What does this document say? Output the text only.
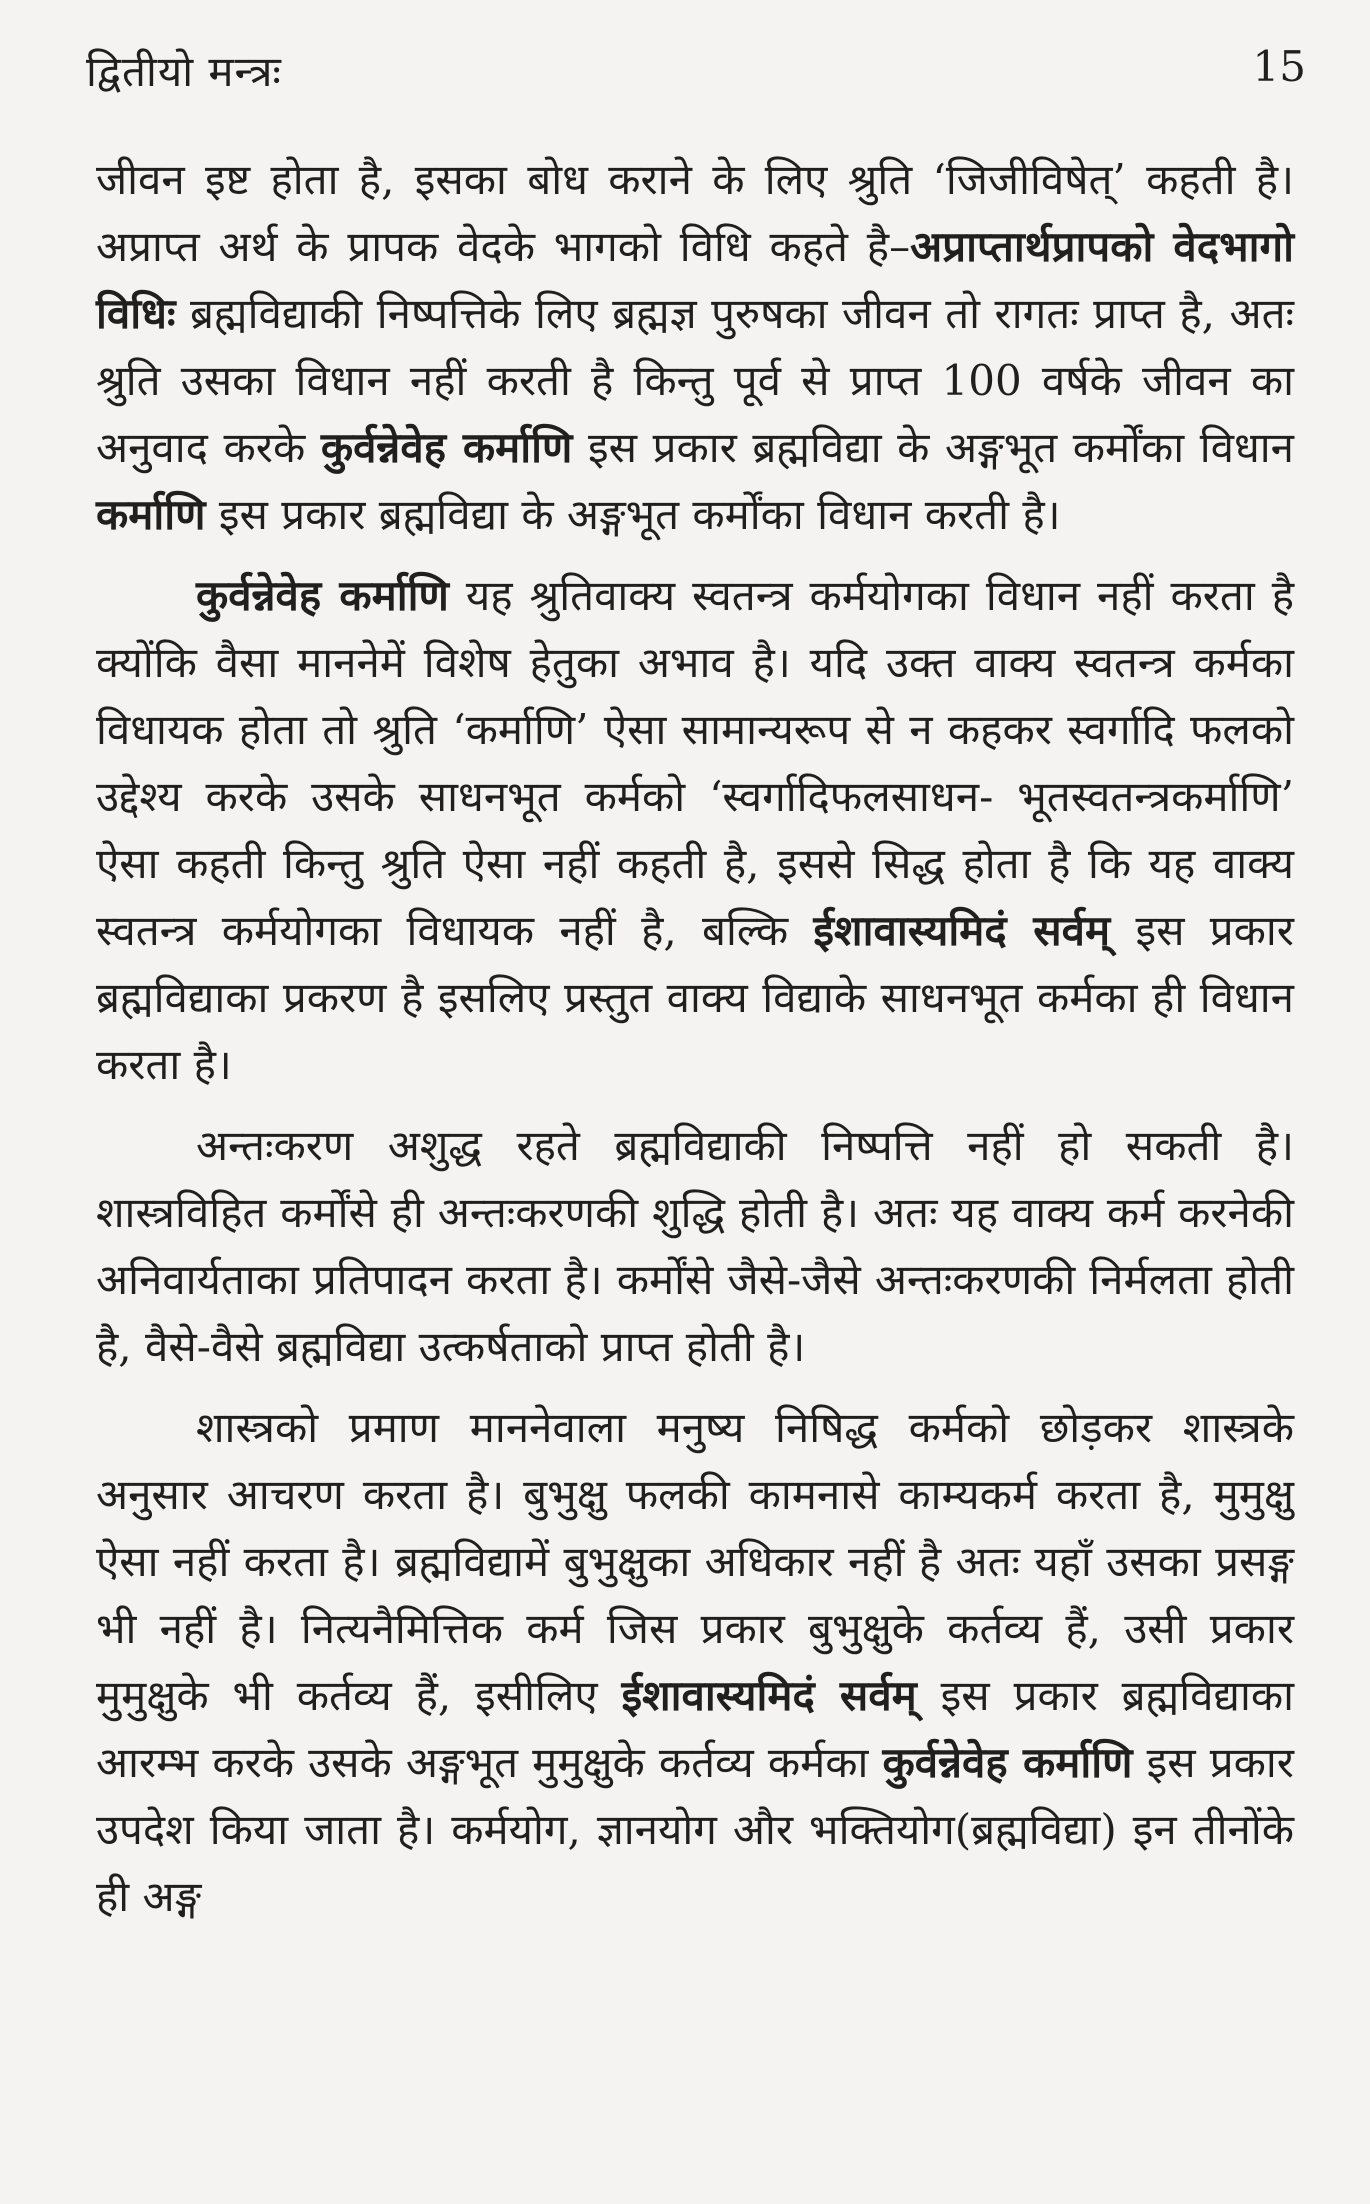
द्वितीयो मन्त्रः	15

जीवन इष्ट होता है, इसका बोध कराने के लिए श्रुति ‘जिजीविषेत्’ कहती है। अप्राप्त अर्थ के प्रापक वेदके भागको विधि कहते है–अप्राप्तार्थप्रापको वेदभागो विधिः ब्रह्मविद्याकी निष्पत्तिके लिए ब्रह्मज्ञ पुरुषका जीवन तो रागतः प्राप्त है, अतः श्रुति उसका विधान नहीं करती है किन्तु पूर्व से प्राप्त 100 वर्षके जीवन का अनुवाद करके कुर्वन्नेवेह कर्माणि इस प्रकार ब्रह्मविद्या के अङ्गभूत कर्मोंका विधान कर्माणि इस प्रकार ब्रह्मविद्या के अङ्गभूत कर्मोंका विधान करती है।

कुर्वन्नेवेह कर्माणि यह श्रुतिवाक्य स्वतन्त्र कर्मयोगका विधान नहीं करता है क्योंकि वैसा माननेमें विशेष हेतुका अभाव है। यदि उक्त वाक्य स्वतन्त्र कर्मका विधायक होता तो श्रुति ‘कर्माणि’ ऐसा सामान्यरूप से न कहकर स्वर्गादि फलको उद्देश्य करके उसके साधनभूत कर्मको ‘स्वर्गादिफलसाधन- भूतस्वतन्त्रकर्माणि’ ऐसा कहती किन्तु श्रुति ऐसा नहीं कहती है, इससे सिद्ध होता है कि यह वाक्य स्वतन्त्र कर्मयोगका विधायक नहीं है, बल्कि ईशावास्यमिदं सर्वम् इस प्रकार ब्रह्मविद्याका प्रकरण है इसलिए प्रस्तुत वाक्य विद्याके साधनभूत कर्मका ही विधान करता है।

अन्तःकरण अशुद्ध रहते ब्रह्मविद्याकी निष्पत्ति नहीं हो सकती है। शास्त्रविहित कर्मोंसे ही अन्तःकरणकी शुद्धि होती है। अतः यह वाक्य कर्म करनेकी अनिवार्यताका प्रतिपादन करता है। कर्मोंसे जैसे-जैसे अन्तःकरणकी निर्मलता होती है, वैसे-वैसे ब्रह्मविद्या उत्कर्षताको प्राप्त होती है।

शास्त्रको प्रमाण माननेवाला मनुष्य निषिद्ध कर्मको छोड़कर शास्त्रके अनुसार आचरण करता है। बुभुक्षु फलकी कामनासे काम्यकर्म करता है, मुमुक्षु ऐसा नहीं करता है। ब्रह्मविद्यामें बुभुक्षुका अधिकार नहीं है अतः यहाँ उसका प्रसङ्ग भी नहीं है। नित्यनैमित्तिक कर्म जिस प्रकार बुभुक्षुके कर्तव्य हैं, उसी प्रकार मुमुक्षुके भी कर्तव्य हैं, इसीलिए ईशावास्यमिदं सर्वम् इस प्रकार ब्रह्मविद्याका आरम्भ करके उसके अङ्गभूत मुमुक्षुके कर्तव्य कर्मका कुर्वन्नेवेह कर्माणि इस प्रकार उपदेश किया जाता है। कर्मयोग, ज्ञानयोग और भक्तियोग(ब्रह्मविद्या) इन तीनोंके ही अङ्ग
